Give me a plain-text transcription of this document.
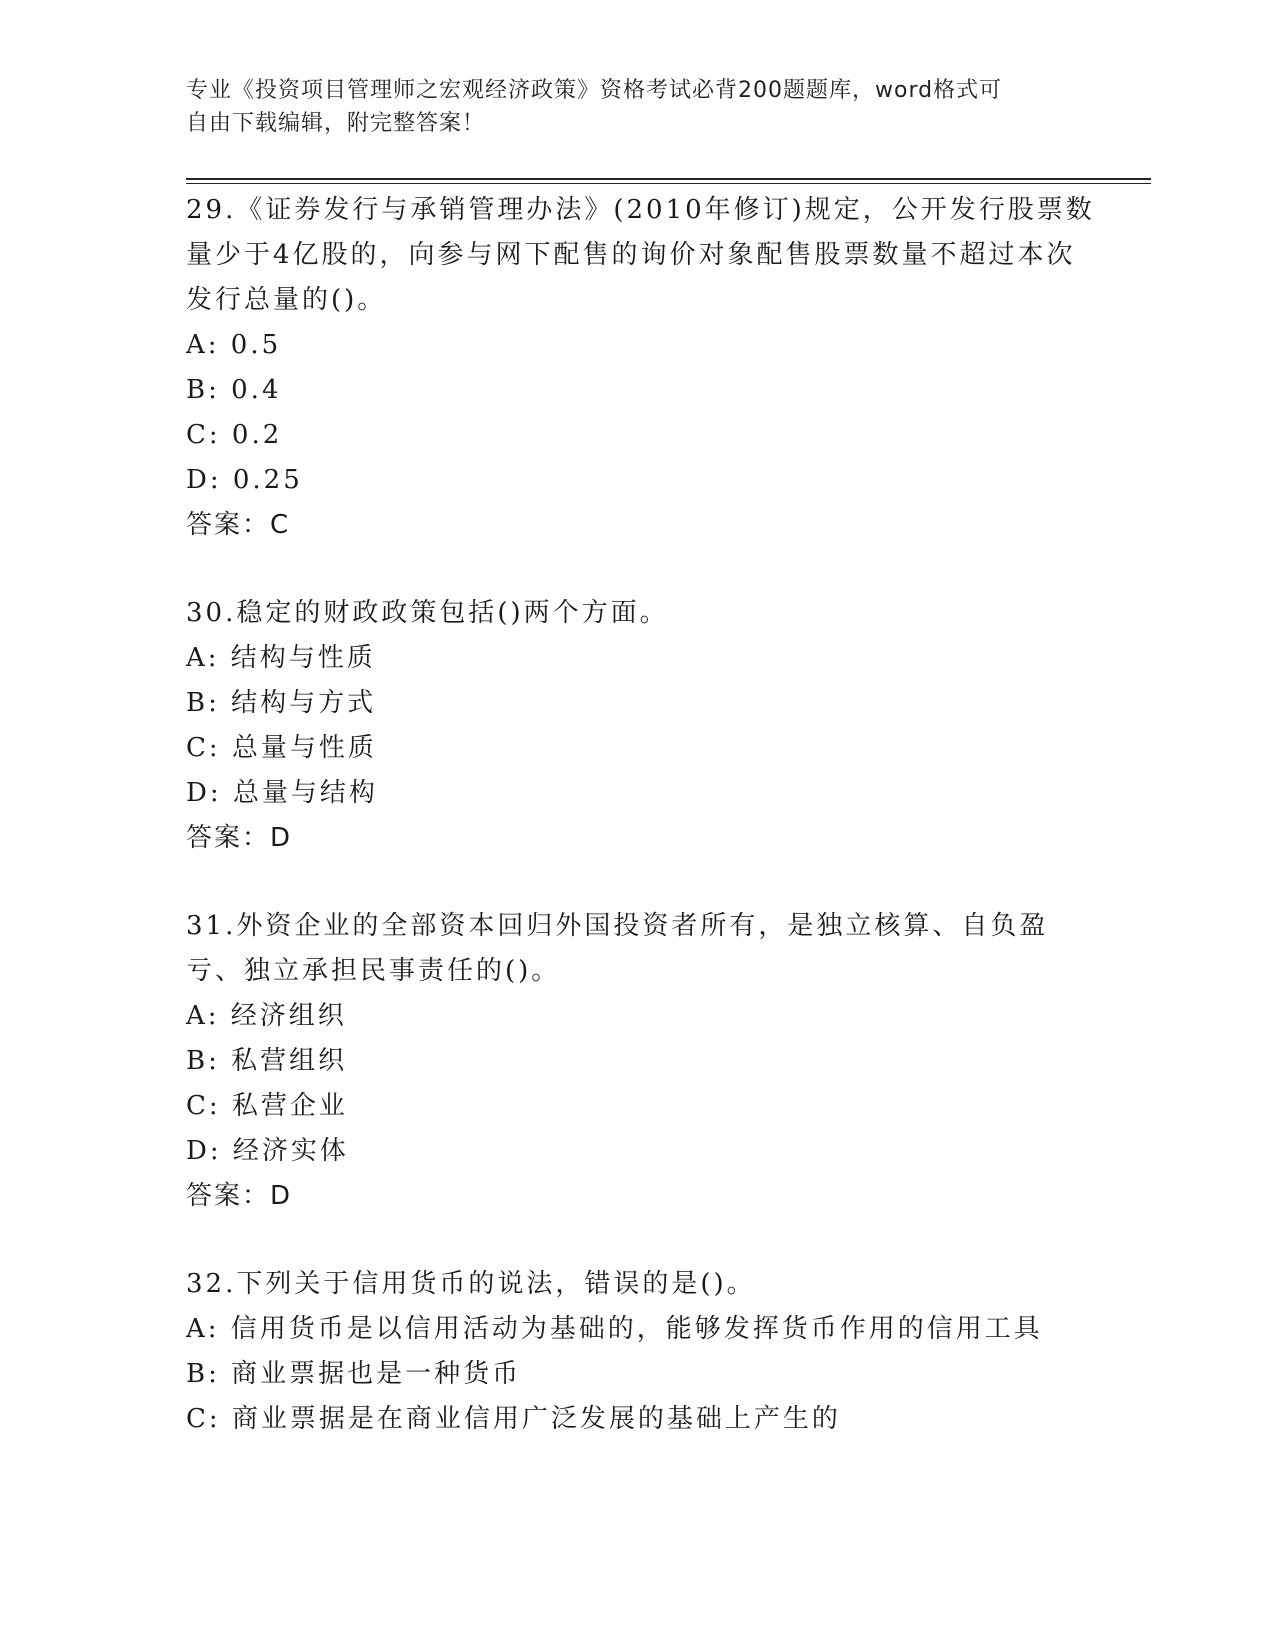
专业《投资项目管理师之宏观经济政策》资格考试必背200题题库，word格式可
自由下载编辑，附完整答案！

29.《证券发行与承销管理办法》(2010年修订)规定，公开发行股票数量少于4亿股的，向参与网下配售的询价对象配售股票数量不超过本次发行总量的()。

A: 0.5

B: 0.4

C: 0.2

D: 0.25

答案：C

30.稳定的财政政策包括()两个方面。

A: 结构与性质

B: 结构与方式

C: 总量与性质

D: 总量与结构

答案：D

31.外资企业的全部资本回归外国投资者所有，是独立核算、自负盈亏、独立承担民事责任的()。

A: 经济组织

B: 私营组织

C: 私营企业

D: 经济实体

答案：D

32.下列关于信用货币的说法，错误的是()。

A: 信用货币是以信用活动为基础的，能够发挥货币作用的信用工具

B: 商业票据也是一种货币

C: 商业票据是在商业信用广泛发展的基础上产生的
